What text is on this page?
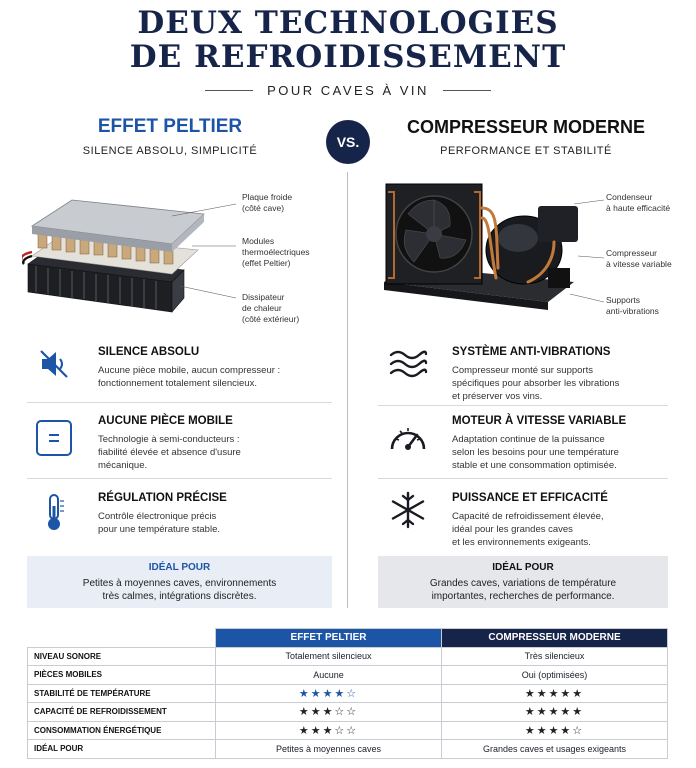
DEUX TECHNOLOGIES
DE REFROIDISSEMENT
POUR CAVES À VIN
EFFET PELTIER
SILENCE ABSOLU, SIMPLICITÉ
VS.
COMPRESSEUR MODERNE
PERFORMANCE ET STABILITÉ
Plaque froide
(côté cave)
Modules
thermoélectriques
(effet Peltier)
Dissipateur
de chaleur
(côté extérieur)
Condenseur
à haute efficacité
Compresseur
à vitesse variable
Supports
anti-vibrations
SILENCE ABSOLU
Aucune pièce mobile, aucun compresseur :
fonctionnement totalement silencieux.
AUCUNE PIÈCE MOBILE
Technologie à semi-conducteurs :
fiabilité élevée et absence d'usure
mécanique.
RÉGULATION PRÉCISE
Contrôle électronique précis
pour une température stable.
SYSTÈME ANTI-VIBRATIONS
Compresseur monté sur supports
spécifiques pour absorber les vibrations
et préserver vos vins.
MOTEUR À VITESSE VARIABLE
Adaptation continue de la puissance
selon les besoins pour une température
stable et une consommation optimisée.
PUISSANCE ET EFFICACITÉ
Capacité de refroidissement élevée,
idéal pour les grandes caves
et les environnements exigeants.
IDÉAL POUR
Petites à moyennes caves, environnements
très calmes, intégrations discrètes.
IDÉAL POUR
Grandes caves, variations de température
importantes, recherches de performance.
	EFFET PELTIER	COMPRESSEUR MODERNE
NIVEAU SONORE	Totalement silencieux	Très silencieux
PIÈCES MOBILES	Aucune	Oui (optimisées)
STABILITÉ DE TEMPÉRATURE	★★★★☆	★★★★★
CAPACITÉ DE REFROIDISSEMENT	★★★☆☆	★★★★★
CONSOMMATION ÉNERGÉTIQUE	★★★☆☆	★★★★☆
IDÉAL POUR	Petites à moyennes caves	Grandes caves et usages exigeants
